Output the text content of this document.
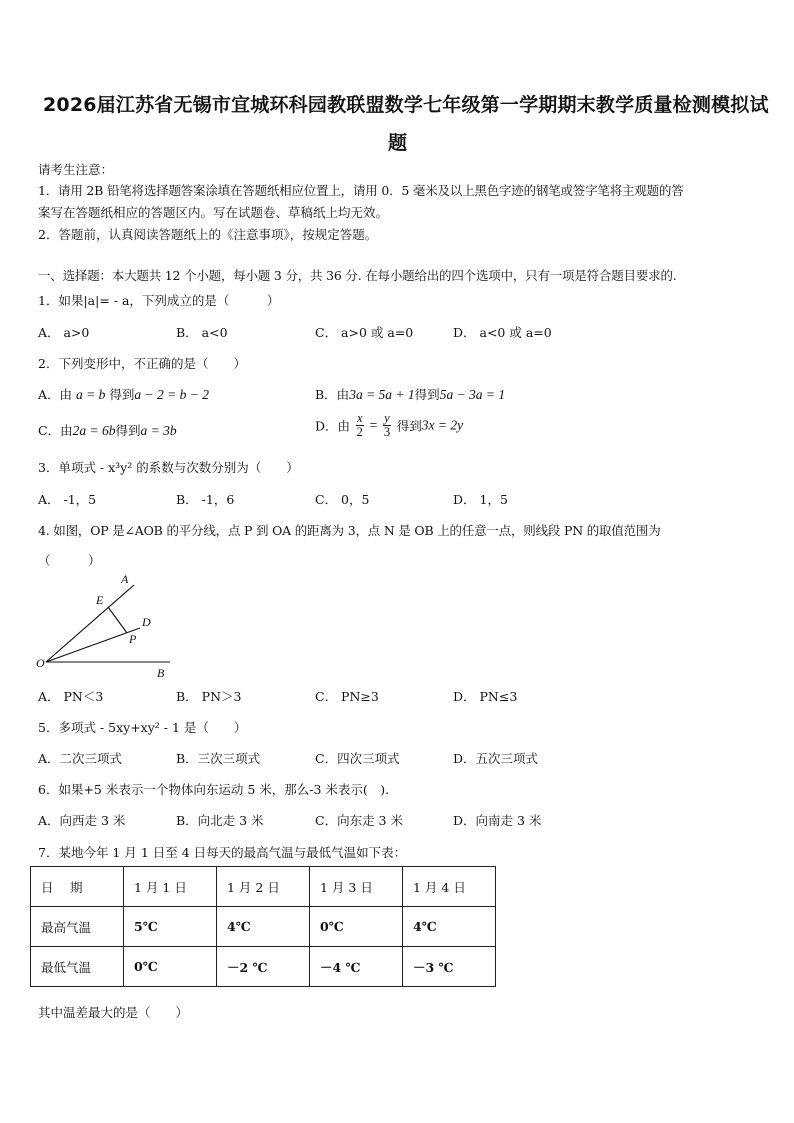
2026届江苏省无锡市宜城环科园教联盟数学七年级第一学期期末教学质量检测模拟试
题
请考生注意：
1．请用 2B 铅笔将选择题答案涂填在答题纸相应位置上，请用 0．5 毫米及以上黑色字迹的钢笔或签字笔将主观题的答
案写在答题纸相应的答题区内。写在试题卷、草稿纸上均无效。
2．答题前，认真阅读答题纸上的《注意事项》，按规定答题。
一、选择题：本大题共 12 个小题，每小题 3 分，共 36 分. 在每小题给出的四个选项中，只有一项是符合题目要求的.
1．如果|a|= - a，下列成立的是（　　　）
A． a>0	B． a<0	C． a>0 或 a=0	D． a<0 或 a=0
2．下列变形中，不正确的是（　　）
A．由 a = b 得到a − 2 = b − 2	B．由3a = 5a + 1得到5a − 3a = 1
C．由2a = 6b得到a = 3b	D．由 $\frac{x}{2} = \frac{y}{3}$ 得到3x = 2y
3．单项式 - x³y² 的系数与次数分别为（　　）
A． -1，5	B． -1，6	C． 0，5	D． 1，5
4. 如图，OP 是∠AOB 的平分线，点 P 到 OA 的距离为 3，点 N 是 OB 上的任意一点，则线段 PN 的取值范围为
（　　　）
A
E
D
P
O
B
A． PN＜3	B． PN＞3	C． PN≥3	D． PN≤3
5．多项式 - 5xy+xy² - 1 是（　　）
A．二次三项式	B．三次三项式	C．四次三项式	D．五次三项式
6．如果+5 米表示一个物体向东运动 5 米，那么-3 米表示(　).
A．向西走 3 米	B．向北走 3 米	C．向东走 3 米	D．向南走 3 米
7．某地今年 1 月 1 日至 4 日每天的最高气温与最低气温如下表：
日　 期	1 月 1 日	1 月 2 日	1 月 3 日	1 月 4 日
最高气温	5℃	4℃	0℃	4℃
最低气温	0℃	－2 ℃	－4 ℃	－3 ℃
其中温差最大的是（　　）
